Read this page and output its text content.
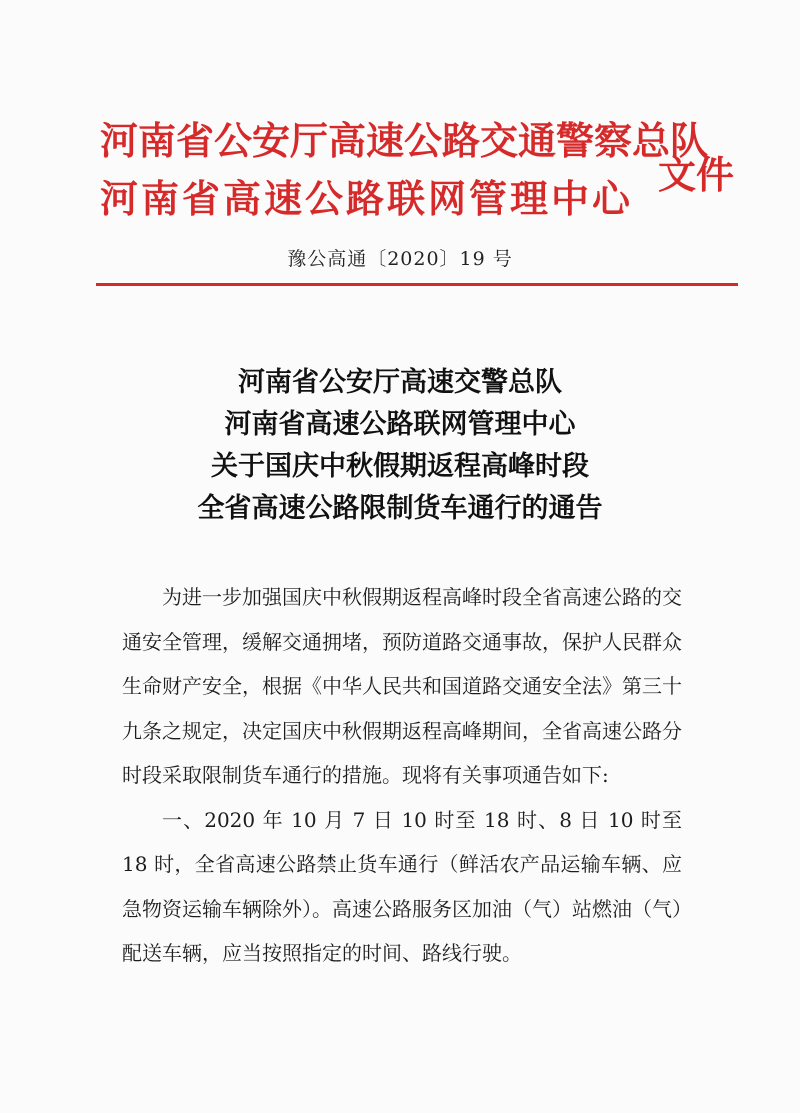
河南省公安厅高速公路交通警察总队
河南省高速公路联网管理中心
文件
豫公高通〔2020〕19 号
河南省公安厅高速交警总队
河南省高速公路联网管理中心
关于国庆中秋假期返程高峰时段
全省高速公路限制货车通行的通告

为进一步加强国庆中秋假期返程高峰时段全省高速公路的交通安全管理，缓解交通拥堵，预防道路交通事故，保护人民群众生命财产安全，根据《中华人民共和国道路交通安全法》第三十九条之规定，决定国庆中秋假期返程高峰期间，全省高速公路分时段采取限制货车通行的措施。现将有关事项通告如下:

一、2020 年 10 月 7 日 10 时至 18 时、8 日 10 时至 18 时，全省高速公路禁止货车通行（鲜活农产品运输车辆、应急物资运输车辆除外）。高速公路服务区加油（气）站燃油（气）配送车辆，应当按照指定的时间、路线行驶。
